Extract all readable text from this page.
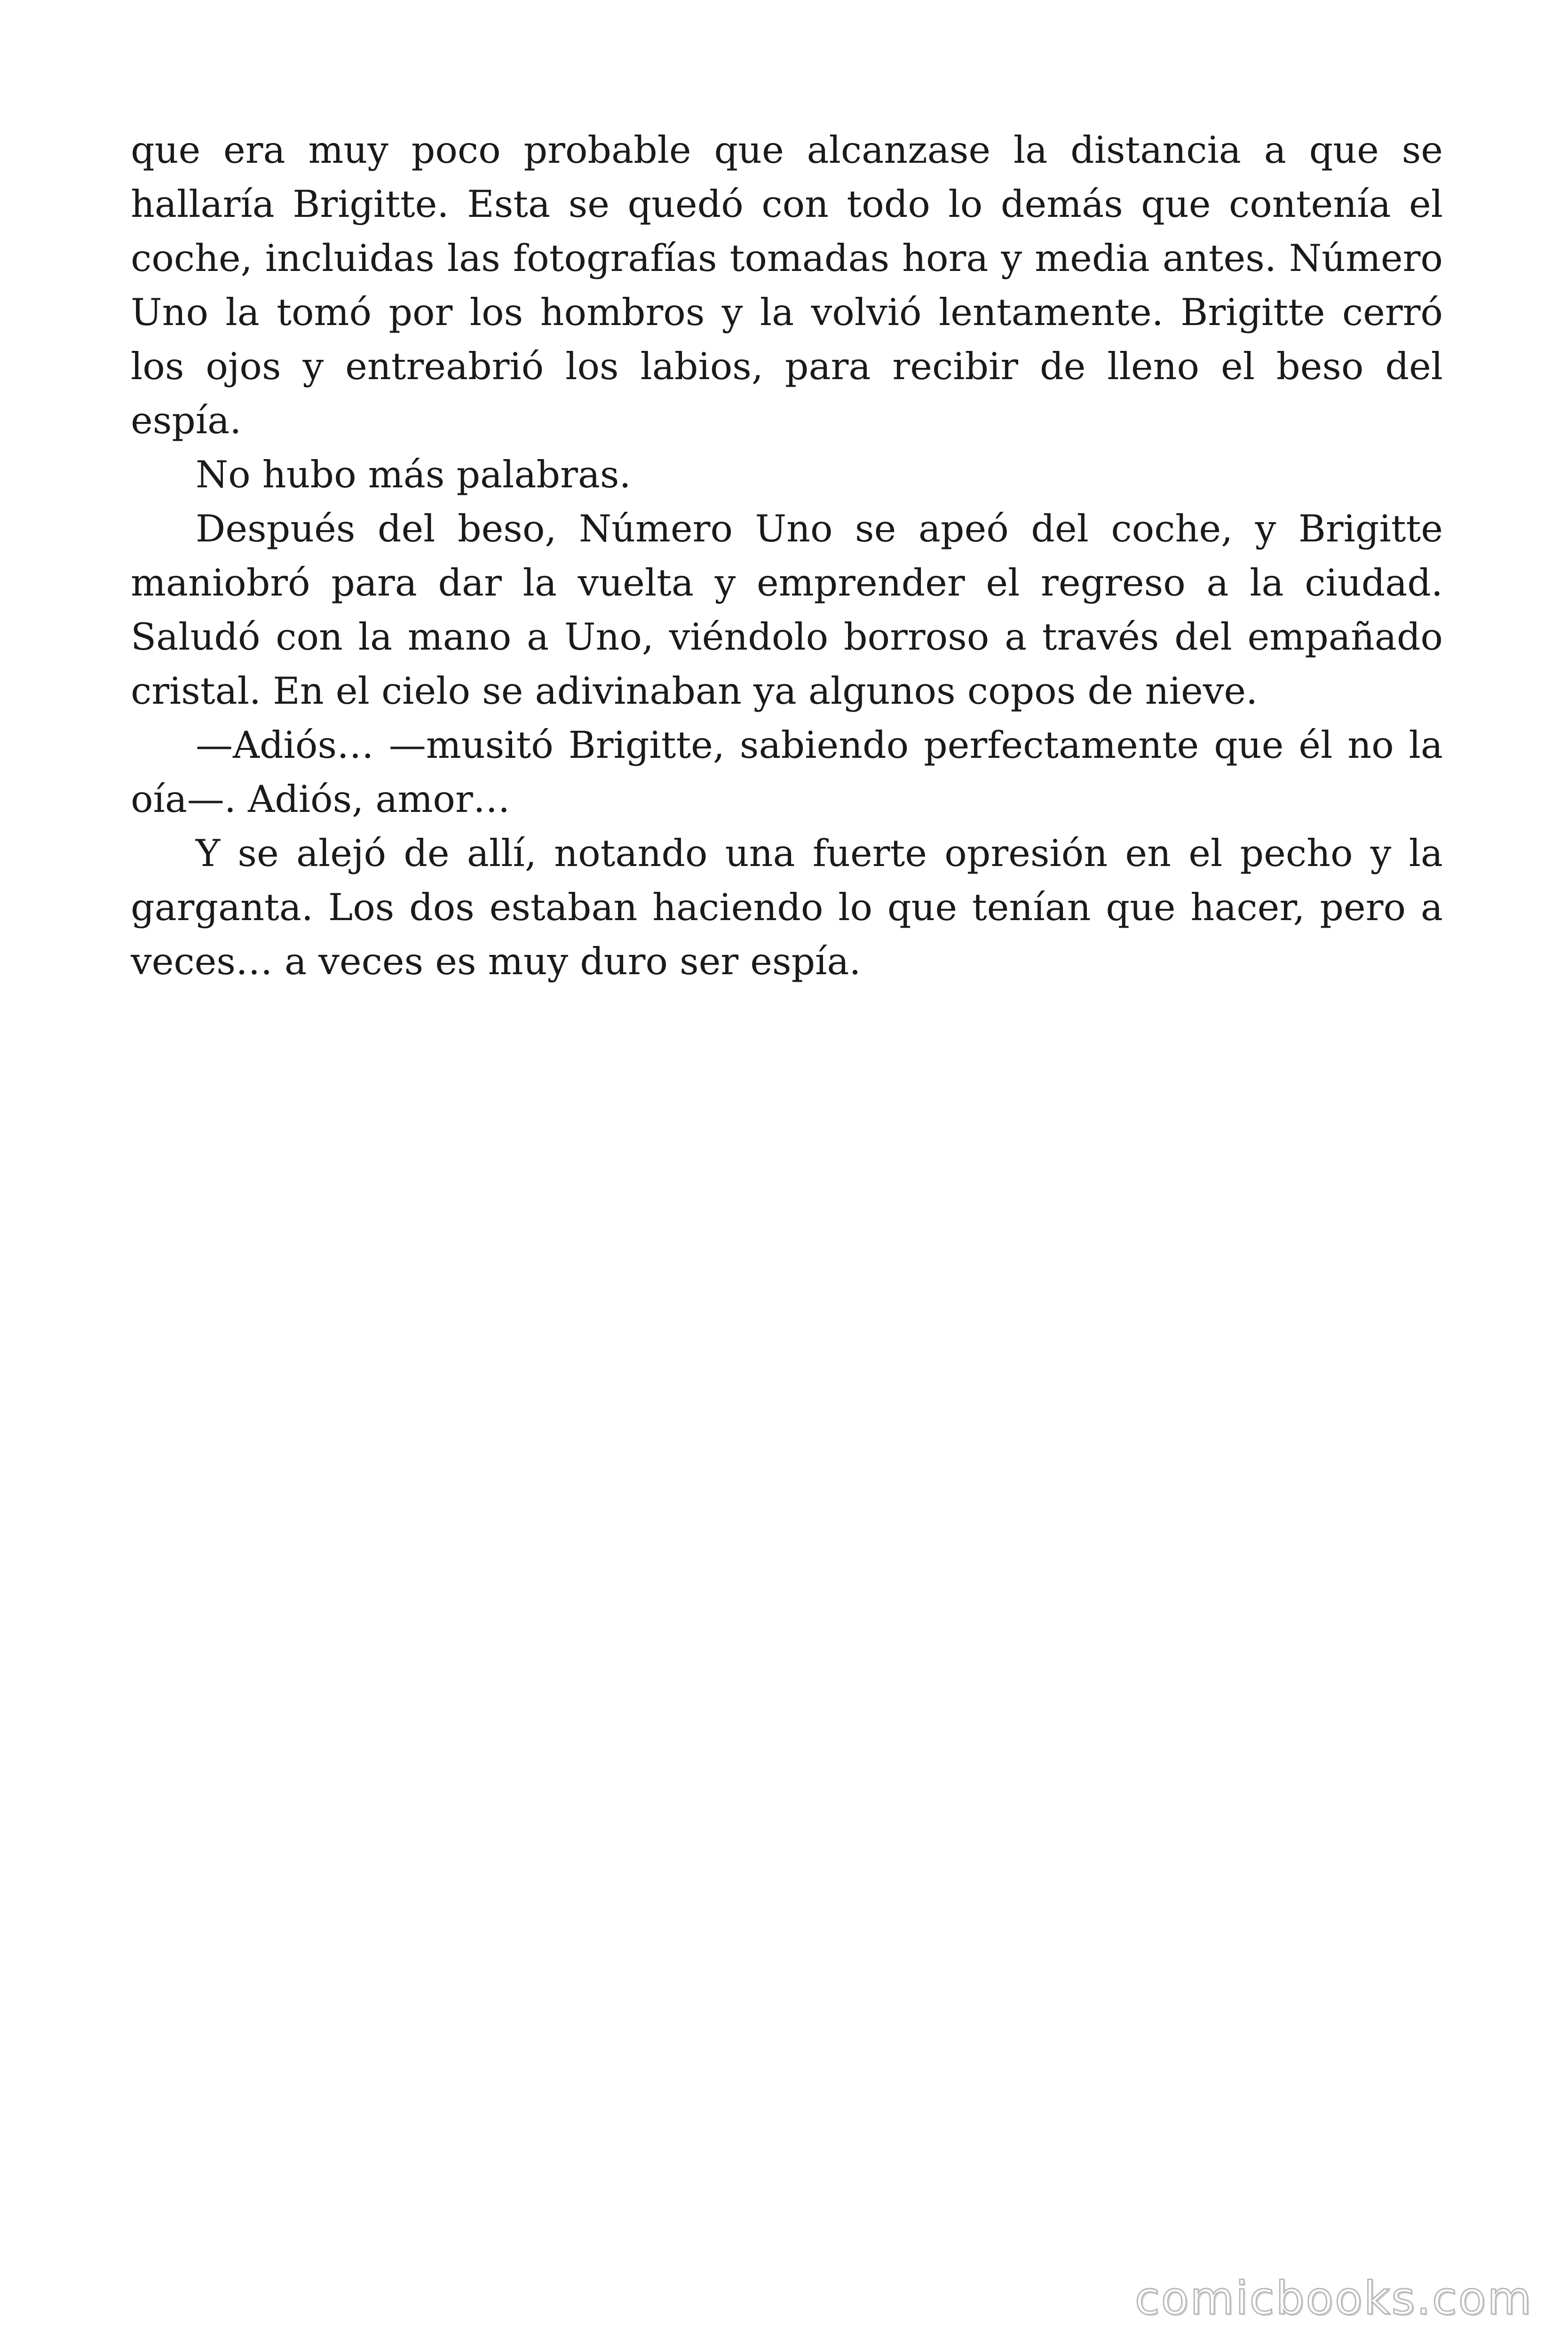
que era muy poco probable que alcanzase la distancia a que se hallaría Brigitte. Esta se quedó con todo lo demás que contenía el coche, incluidas las fotografías tomadas hora y media antes. Número Uno la tomó por los hombros y la volvió lentamente. Brigitte cerró los ojos y entreabrió los labios, para recibir de lleno el beso del espía.

No hubo más palabras.

Después del beso, Número Uno se apeó del coche, y Brigitte maniobró para dar la vuelta y emprender el regreso a la ciudad. Saludó con la mano a Uno, viéndolo borroso a través del empañado cristal. En el cielo se adivinaban ya algunos copos de nieve.

—Adiós… —musitó Brigitte, sabiendo perfectamente que él no la oía—. Adiós, amor…

Y se alejó de allí, notando una fuerte opresión en el pecho y la garganta. Los dos estaban haciendo lo que tenían que hacer, pero a veces… a veces es muy duro ser espía.

comicbooks.com
